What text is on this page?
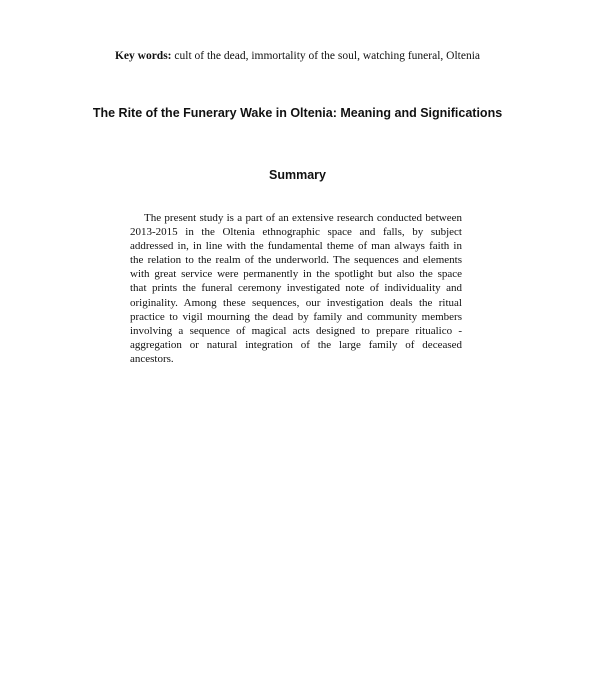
Key words: cult of the dead, immortality of the soul, watching funeral, Oltenia
The Rite of the Funerary Wake in Oltenia: Meaning and Significations
Summary
The present study is a part of an extensive research conducted between
2013-2015 in the Oltenia ethnographic space and falls, by subject
addressed in, in line with the fundamental theme of man always faith in
the relation to the realm of the underworld. The sequences and elements
with great service were permanently in the spotlight but also the space
that prints the funeral ceremony investigated note of individuality and
originality. Among these sequences, our investigation deals the ritual
practice to vigil mourning the dead by family and community members
involving a sequence of magical acts designed to prepare ritualico -
aggregation or natural integration of the large family of deceased
ancestors.
